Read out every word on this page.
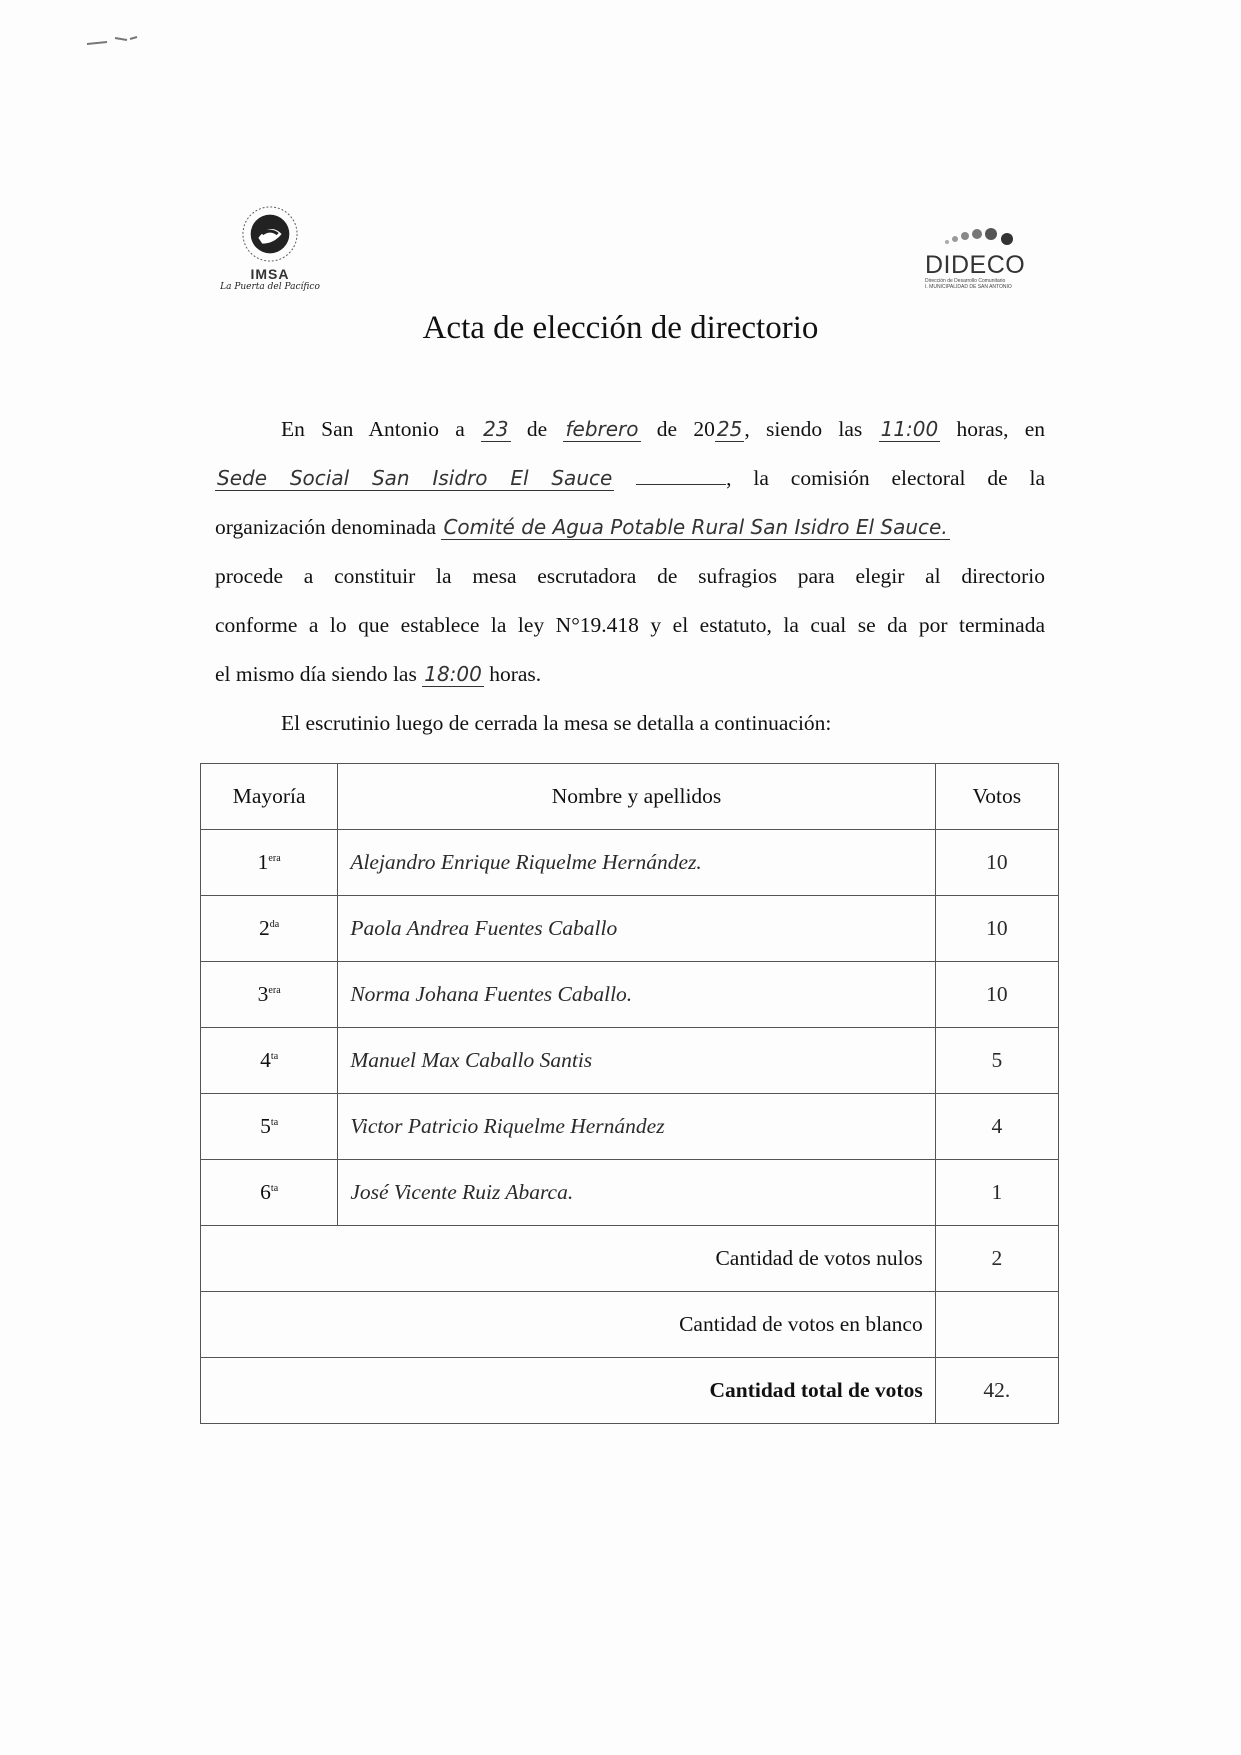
IMSA
La Puerta del Pacífico
DIDECO
Dirección de Desarrollo Comunitario
I. MUNICIPALIDAD DE SAN ANTONIO
Acta de elección de directorio

En San Antonio a 23 de febrero de 20 25, siendo las 11:00 horas, en

Sede Social San Isidro El Sauce	, la comisión electoral de la

organización denominada Comité de Agua Potable Rural San Isidro El Sauce.

procede a constituir la mesa escrutadora de sufragios para elegir al directorio

conforme a lo que establece la ley N°19.418 y el estatuto, la cual se da por terminada

el mismo día siendo las 18:00 horas.

El escrutinio luego de cerrada la mesa se detalla a continuación:

Mayoría	Nombre y apellidos	Votos
$1^{era}$	Alejandro Enrique Riquelme Hernández.	10
$2^{da}$	Paola Andrea Fuentes Caballo	10
$3^{era}$	Norma Johana Fuentes Caballo.	10
$4^{ta}$	Manuel Max Caballo Santis	5
$5^{ta}$	Victor Patricio Riquelme Hernández	4
$6^{ta}$	José Vicente Ruiz Abarca.	1
Cantidad de votos nulos		2
Cantidad de votos en blanco		
Cantidad total de votos		42.
